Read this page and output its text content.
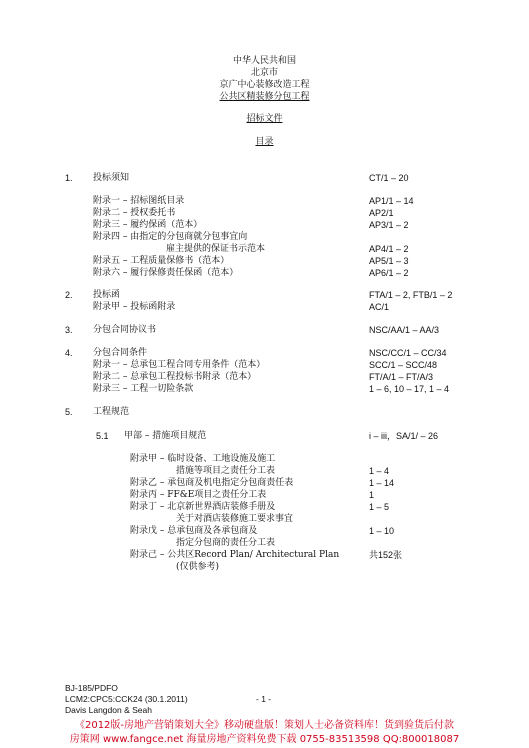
中华人民共和国
北京市
京广中心装修改造工程
公共区精装修分包工程
招标文件
目录
1. 投标须知	CT/1 – 20
附录一 – 招标图纸目录	AP1/1 – 14
附录二 – 授权委托书	AP2/1
附录三 – 履约保函（范本）	AP3/1 – 2
附录四 – 由指定的分包商就分包事宜向
雇主提供的保证书示范本	AP4/1 – 2
附录五 – 工程质量保修书（范本）	AP5/1 – 3
附录六 – 履行保修责任保函（范本）	AP6/1 – 2
2. 投标函	FTA/1 – 2, FTB/1 – 2
附录甲 – 投标函附录	AC/1
3. 分包合同协议书	NSC/AA/1 – AA/3
4. 分包合同条件	NSC/CC/1 – CC/34
附录一 – 总承包工程合同专用条件（范本）	SCC/1 – SCC/48
附录二 – 总承包工程投标书附录（范本）	FT/A/1 – FT/A/3
附录三 – 工程一切险条款	1 – 6, 10 – 17, 1 – 4
5. 工程规范
5.1 甲部 – 措施项目规范	i – iii，SA/1/ – 26
附录甲 – 临时设备、工地设施及施工
措施等项目之责任分工表	1 – 4
附录乙 – 承包商及机电指定分包商责任表	1 – 14
附录丙 – FF&E项目之责任分工表	1
附录丁 – 北京新世界酒店装修手册及	1 – 5
关于对酒店装修施工要求事宜
附录戊 – 总承包商及各承包商及	1 – 10
指定分包商的责任分工表
附录己 – 公共区Record Plan/ Architectural Plan	共152张
(仅供参考)
BJ-185/PDFO
LCM2:CPC5:CCK24 (30.1.2011)	- 1 -
Davis Langdon & Seah
《2012版-房地产营销策划大全》移动硬盘版！策划人士必备资料库！货到验货后付款
房策网 www.fangce.net 海量房地产资料免费下载 0755-83513598 QQ:800018087
